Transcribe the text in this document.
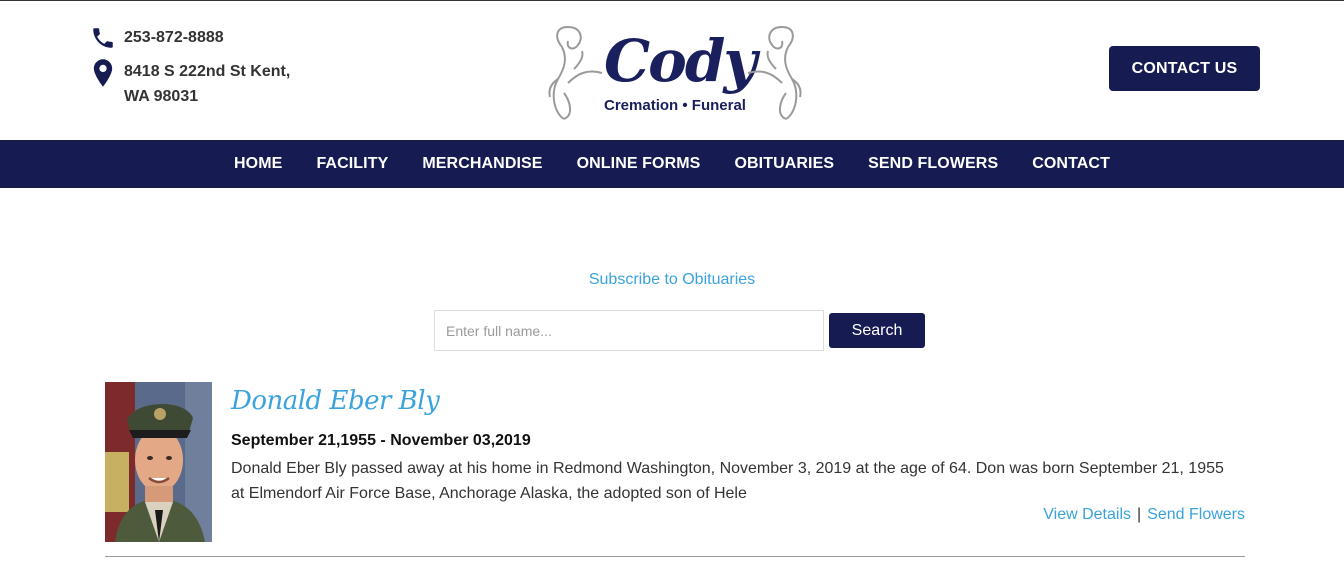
253-872-8888
8418 S 222nd St Kent,
WA 98031
Cody
Cremation • Funeral
CONTACT US
HOME FACILITY MERCHANDISE ONLINE FORMS OBITUARIES SEND FLOWERS CONTACT
Subscribe to Obituaries
Enter full name...
Search
Donald Eber Bly
September 21,1955 - November 03,2019
Donald Eber Bly passed away at his home in Redmond Washington, November 3, 2019 at the age of 64. Don was born September 21, 1955 at Elmendorf Air Force Base, Anchorage Alaska, the adopted son of Hele
View Details | Send Flowers
